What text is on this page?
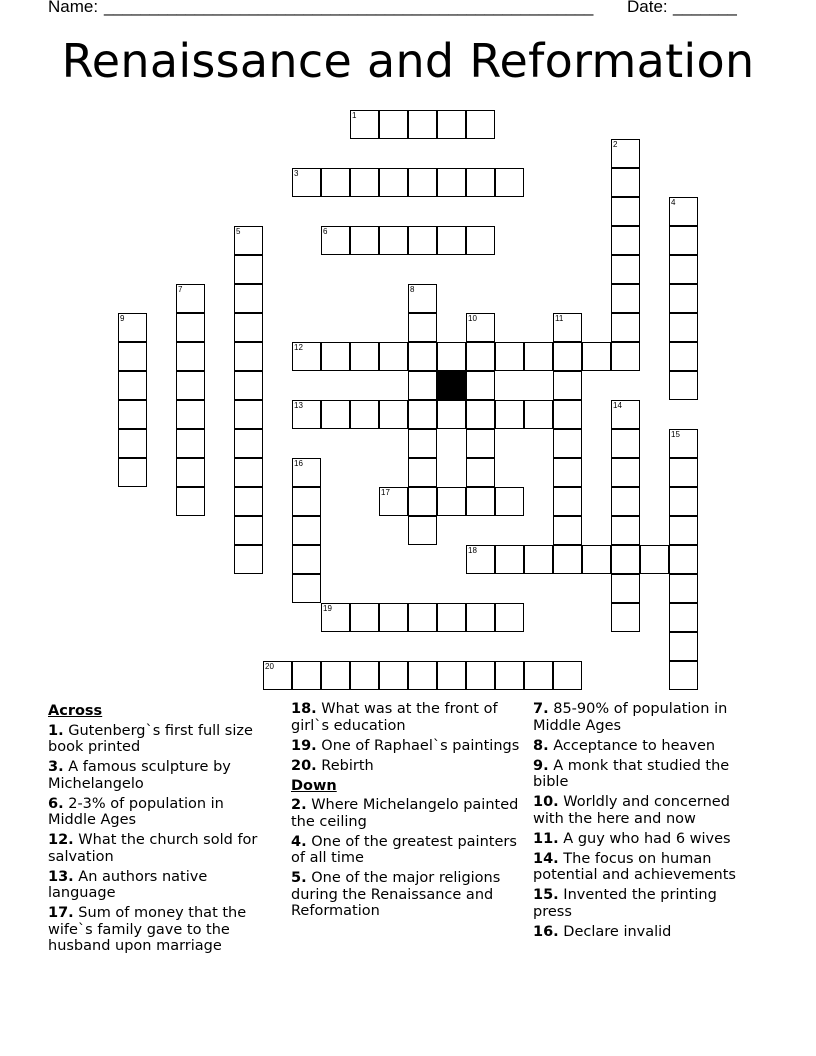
Name: ______________________________________________________ Date: _______
Renaissance and Reformation
1
2
3
4
5	6
7	8
9	10	11
12
13	14
15
16
17
18
19
20
Across
1. Gutenberg`s first full size book printed
3. A famous sculpture by Michelangelo
6. 2-3% of population in Middle Ages
12. What the church sold for salvation
13. An authors native language
17. Sum of money that the wife`s family gave to the husband upon marriage
18. What was at the front of girl`s education
19. One of Raphael`s paintings
20. Rebirth
Down
2. Where Michelangelo painted the ceiling
4. One of the greatest painters of all time
5. One of the major religions during the Renaissance and Reformation
7. 85-90% of population in Middle Ages
8. Acceptance to heaven
9. A monk that studied the bible
10. Worldly and concerned with the here and now
11. A guy who had 6 wives
14. The focus on human potential and achievements
15. Invented the printing press
16. Declare invalid
